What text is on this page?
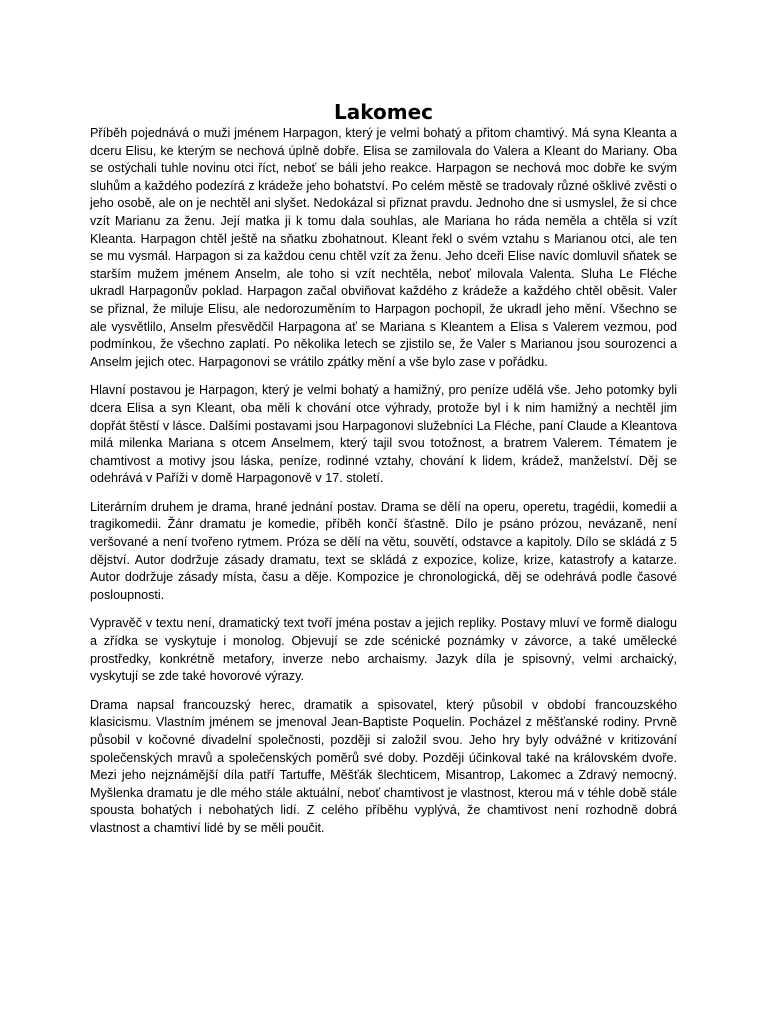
Lakomec

Příběh pojednává o muži jménem Harpagon, který je velmi bohatý a přitom chamtivý. Má syna Kleanta a dceru Elisu, ke kterým se nechová úplně dobře. Elisa se zamilovala do Valera a Kleant do Mariany. Oba se ostýchali tuhle novinu otci říct, neboť se báli jeho reakce. Harpagon se nechová moc dobře ke svým sluhům a každého podezírá z krádeže jeho bohatství. Po celém městě se tradovaly různé ošklivé zvěsti o jeho osobě, ale on je nechtěl ani slyšet. Nedokázal si přiznat pravdu. Jednoho dne si usmyslel, že si chce vzít Marianu za ženu. Její matka ji k tomu dala souhlas, ale Mariana ho ráda neměla a chtěla si vzít Kleanta. Harpagon chtěl ještě na sňatku zbohatnout. Kleant řekl o svém vztahu s Marianou otci, ale ten se mu vysmál. Harpagon si za každou cenu chtěl vzít za ženu. Jeho dceři Elise navíc domluvil sňatek se starším mužem jménem Anselm, ale toho si vzít nechtěla, neboť milovala Valenta. Sluha Le Fléche ukradl Harpagonův poklad. Harpagon začal obviňovat každého z krádeže a každého chtěl oběsit. Valer se přiznal, že miluje Elisu, ale nedorozuměním to Harpagon pochopil, že ukradl jeho mění. Všechno se ale vysvětlilo, Anselm přesvědčil Harpagona ať se Mariana s Kleantem a Elisa s Valerem vezmou, pod podmínkou, že všechno zaplatí. Po několika letech se zjistilo se, že Valer s Marianou jsou sourozenci a Anselm jejich otec. Harpagonovi se vrátilo zpátky mění a vše bylo zase v pořádku.

Hlavní postavou je Harpagon, který je velmi bohatý a hamižný, pro peníze udělá vše. Jeho potomky byli dcera Elisa a syn Kleant, oba měli k chování otce výhrady, protože byl i k nim hamižný a nechtěl jim dopřát štěstí v lásce. Dalšími postavami jsou Harpagonovi služebníci La Fléche, paní Claude a Kleantova milá milenka Mariana s otcem Anselmem, který tajil svou totožnost, a bratrem Valerem. Tématem je chamtivost a motivy jsou láska, peníze, rodinné vztahy, chování k lidem, krádež, manželství. Děj se odehrává v Paříži v domě Harpagonově v 17. století.

Literárním druhem je drama, hrané jednání postav. Drama se dělí na operu, operetu, tragédii, komedii a tragikomedii. Žánr dramatu je komedie, příběh končí šťastně. Dílo je psáno prózou, nevázaně, není veršované a není tvořeno rytmem. Próza se dělí na větu, souvětí, odstavce a kapitoly. Dílo se skládá z 5 dějství. Autor dodržuje zásady dramatu, text se skládá z expozice, kolize, krize, katastrofy a katarze. Autor dodržuje zásady místa, času a děje. Kompozice je chronologická, děj se odehrává podle časové posloupnosti.

Vypravěč v textu není, dramatický text tvoří jména postav a jejich repliky. Postavy mluví ve formě dialogu a zřídka se vyskytuje i monolog. Objevují se zde scénické poznámky v závorce, a také umělecké prostředky, konkrétně metafory, inverze nebo archaismy. Jazyk díla je spisovný, velmi archaický, vyskytují se zde také hovorové výrazy.

Drama napsal francouzský herec, dramatik a spisovatel, který působil v období francouzského klasicismu. Vlastním jménem se jmenoval Jean-Baptiste Poquelin. Pocházel z měšťanské rodiny. Prvně působil v kočovné divadelní společnosti, později si založil svou. Jeho hry byly odvážné v kritizování společenských mravů a společenských poměrů své doby. Později účinkoval také na královském dvoře. Mezi jeho nejznámější díla patří Tartuffe, Měšťák šlechticem, Misantrop, Lakomec a Zdravý nemocný. Myšlenka dramatu je dle mého stále aktuální, neboť chamtivost je vlastnost, kterou má v téhle době stále spousta bohatých i nebohatých lidí. Z celého příběhu vyplývá, že chamtivost není rozhodně dobrá vlastnost a chamtiví lidé by se měli poučit.
